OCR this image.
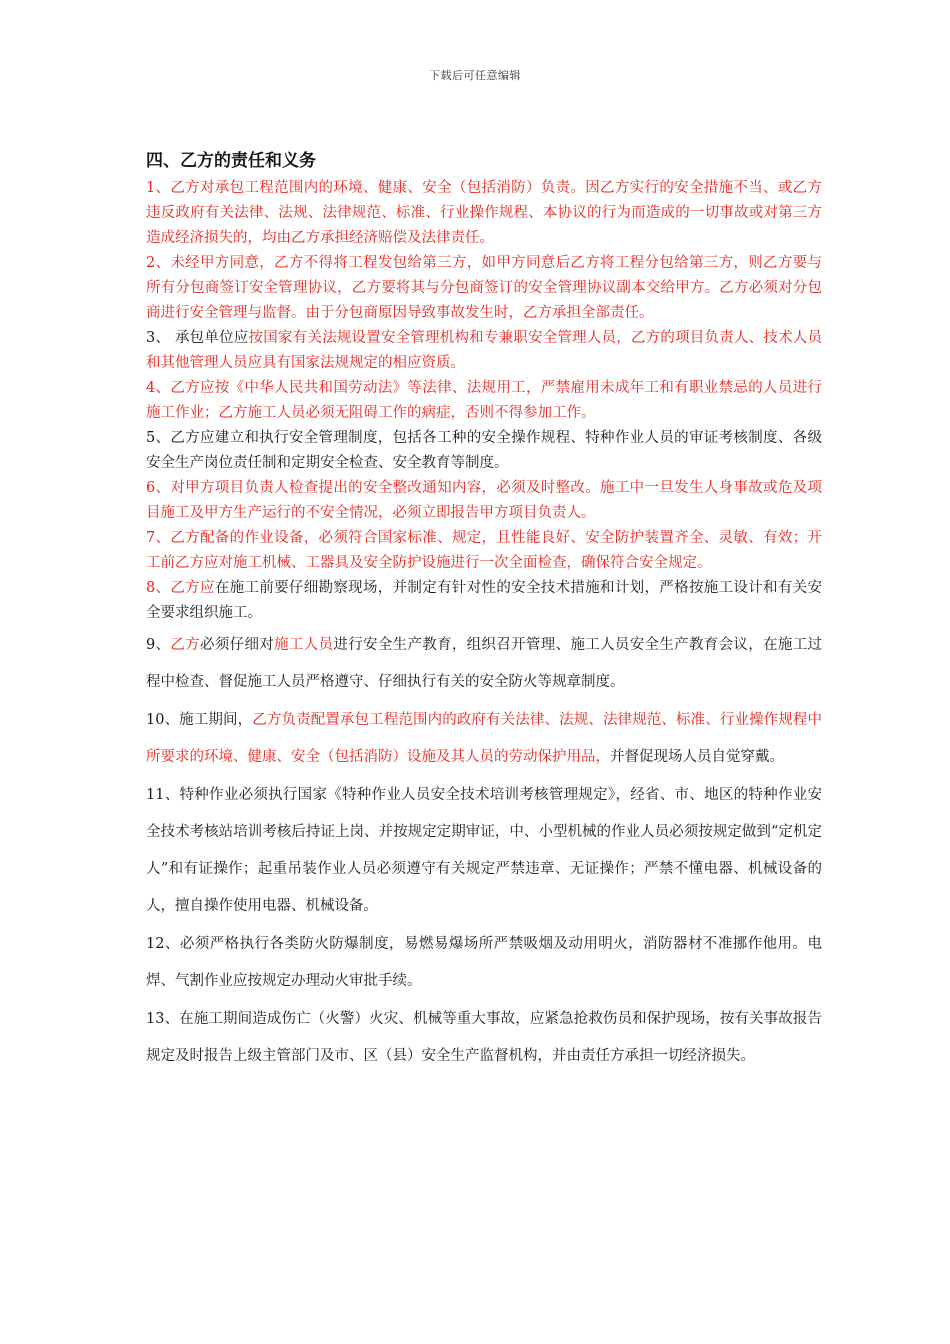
下载后可任意编辑
四、乙方的责任和义务

1、乙方对承包工程范围内的环境、健康、安全（包括消防）负责。因乙方实行的安全措施不当、或乙方违反政府有关法律、法规、法律规范、标准、行业操作规程、本协议的行为而造成的一切事故或对第三方造成经济损失的，均由乙方承担经济赔偿及法律责任。

2、未经甲方同意，乙方不得将工程发包给第三方，如甲方同意后乙方将工程分包给第三方，则乙方要与所有分包商签订安全管理协议，乙方要将其与分包商签订的安全管理协议副本交给甲方。乙方必须对分包商进行安全管理与监督。由于分包商原因导致事故发生时，乙方承担全部责任。

3、 承包单位应按国家有关法规设置安全管理机构和专兼职安全管理人员，乙方的项目负责人、技术人员和其他管理人员应具有国家法规规定的相应资质。

4、乙方应按《中华人民共和国劳动法》等法律、法规用工，严禁雇用未成年工和有职业禁忌的人员进行施工作业；乙方施工人员必须无阻碍工作的病症，否则不得参加工作。

5、乙方应建立和执行安全管理制度，包括各工种的安全操作规程、特种作业人员的审证考核制度、各级安全生产岗位责任制和定期安全检查、安全教育等制度。

6、对甲方项目负责人检查提出的安全整改通知内容，必须及时整改。施工中一旦发生人身事故或危及项目施工及甲方生产运行的不安全情况，必须立即报告甲方项目负责人。

7、乙方配备的作业设备，必须符合国家标准、规定，且性能良好、安全防护装置齐全、灵敏、有效；开工前乙方应对施工机械、工器具及安全防护设施进行一次全面检查，确保符合安全规定。

8、乙方应在施工前要仔细勘察现场，并制定有针对性的安全技术措施和计划，严格按施工设计和有关安全要求组织施工。

9、乙方必须仔细对施工人员进行安全生产教育，组织召开管理、施工人员安全生产教育会议，在施工过程中检查、督促施工人员严格遵守、仔细执行有关的安全防火等规章制度。

10、施工期间，乙方负责配置承包工程范围内的政府有关法律、法规、法律规范、标准、行业操作规程中所要求的环境、健康、安全（包括消防）设施及其人员的劳动保护用品，并督促现场人员自觉穿戴。

11、特种作业必须执行国家《特种作业人员安全技术培训考核管理规定》，经省、市、地区的特种作业安全技术考核站培训考核后持证上岗、并按规定定期审证，中、小型机械的作业人员必须按规定做到“定机定人”和有证操作；起重吊装作业人员必须遵守有关规定严禁违章、无证操作；严禁不懂电器、机械设备的人，擅自操作使用电器、机械设备。

12、必须严格执行各类防火防爆制度，易燃易爆场所严禁吸烟及动用明火，消防器材不准挪作他用。电焊、气割作业应按规定办理动火审批手续。

13、在施工期间造成伤亡（火警）火灾、机械等重大事故，应紧急抢救伤员和保护现场，按有关事故报告规定及时报告上级主管部门及市、区（县）安全生产监督机构，并由责任方承担一切经济损失。
